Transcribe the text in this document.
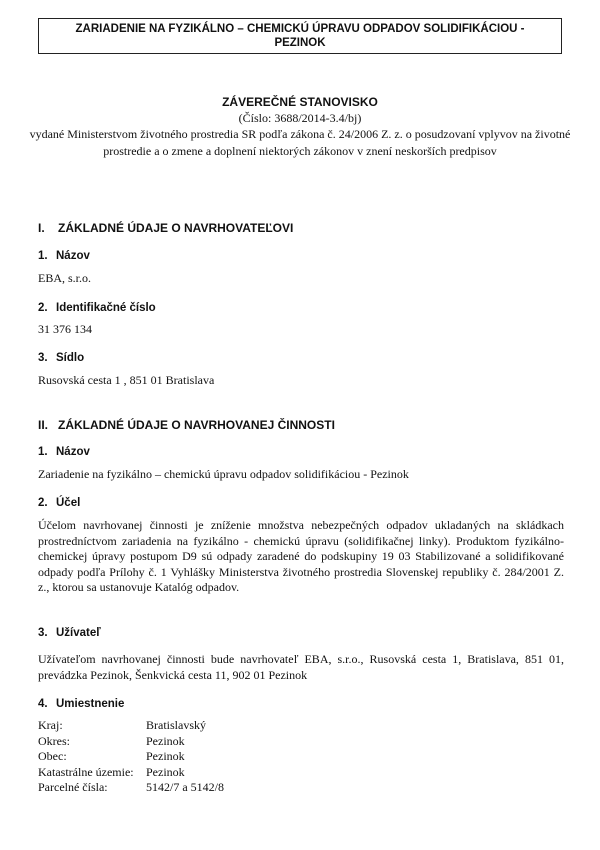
ZARIADENIE NA FYZIKÁLNO – CHEMICKÚ ÚPRAVU ODPADOV SOLIDIFIKÁCIOU -
PEZINOK

ZÁVEREČNÉ STANOVISKO

(Číslo: 3688/2014-3.4/bj)

vydané Ministerstvom životného prostredia SR podľa zákona č. 24/2006 Z. z. o posudzovaní vplyvov na životné prostredie a o zmene a doplnení niektorých zákonov v znení neskorších predpisov

I. ZÁKLADNÉ ÚDAJE O NAVRHOVATEĽOVI
1. Názov
EBA, s.r.o.
2. Identifikačné číslo
31 376 134
3. Sídlo
Rusovská cesta 1 , 851 01 Bratislava
II. ZÁKLADNÉ ÚDAJE O NAVRHOVANEJ ČINNOSTI
1. Názov
Zariadenie na fyzikálno – chemickú úpravu odpadov solidifikáciou - Pezinok
2. Účel
Účelom navrhovanej činnosti je zníženie množstva nebezpečných odpadov ukladaných na skládkach prostredníctvom zariadenia na fyzikálno - chemickú úpravu (solidifikačnej linky). Produktom fyzikálno-chemickej úpravy postupom D9 sú odpady zaradené do podskupiny 19 03 Stabilizované a solidifikované odpady podľa Prílohy č. 1 Vyhlášky Ministerstva životného prostredia Slovenskej republiky č. 284/2001 Z. z., ktorou sa ustanovuje Katalóg odpadov.
3. Užívateľ
Užívateľom navrhovanej činnosti bude navrhovateľ EBA, s.r.o., Rusovská cesta 1, Bratislava, 851 01, prevádzka Pezinok, Šenkvická cesta 11, 902 01 Pezinok
4. Umiestnenie
Kraj:	Bratislavský
Okres:	Pezinok
Obec:	Pezinok
Katastrálne územie:	Pezinok
Parcelné čísla:	5142/7 a 5142/8
